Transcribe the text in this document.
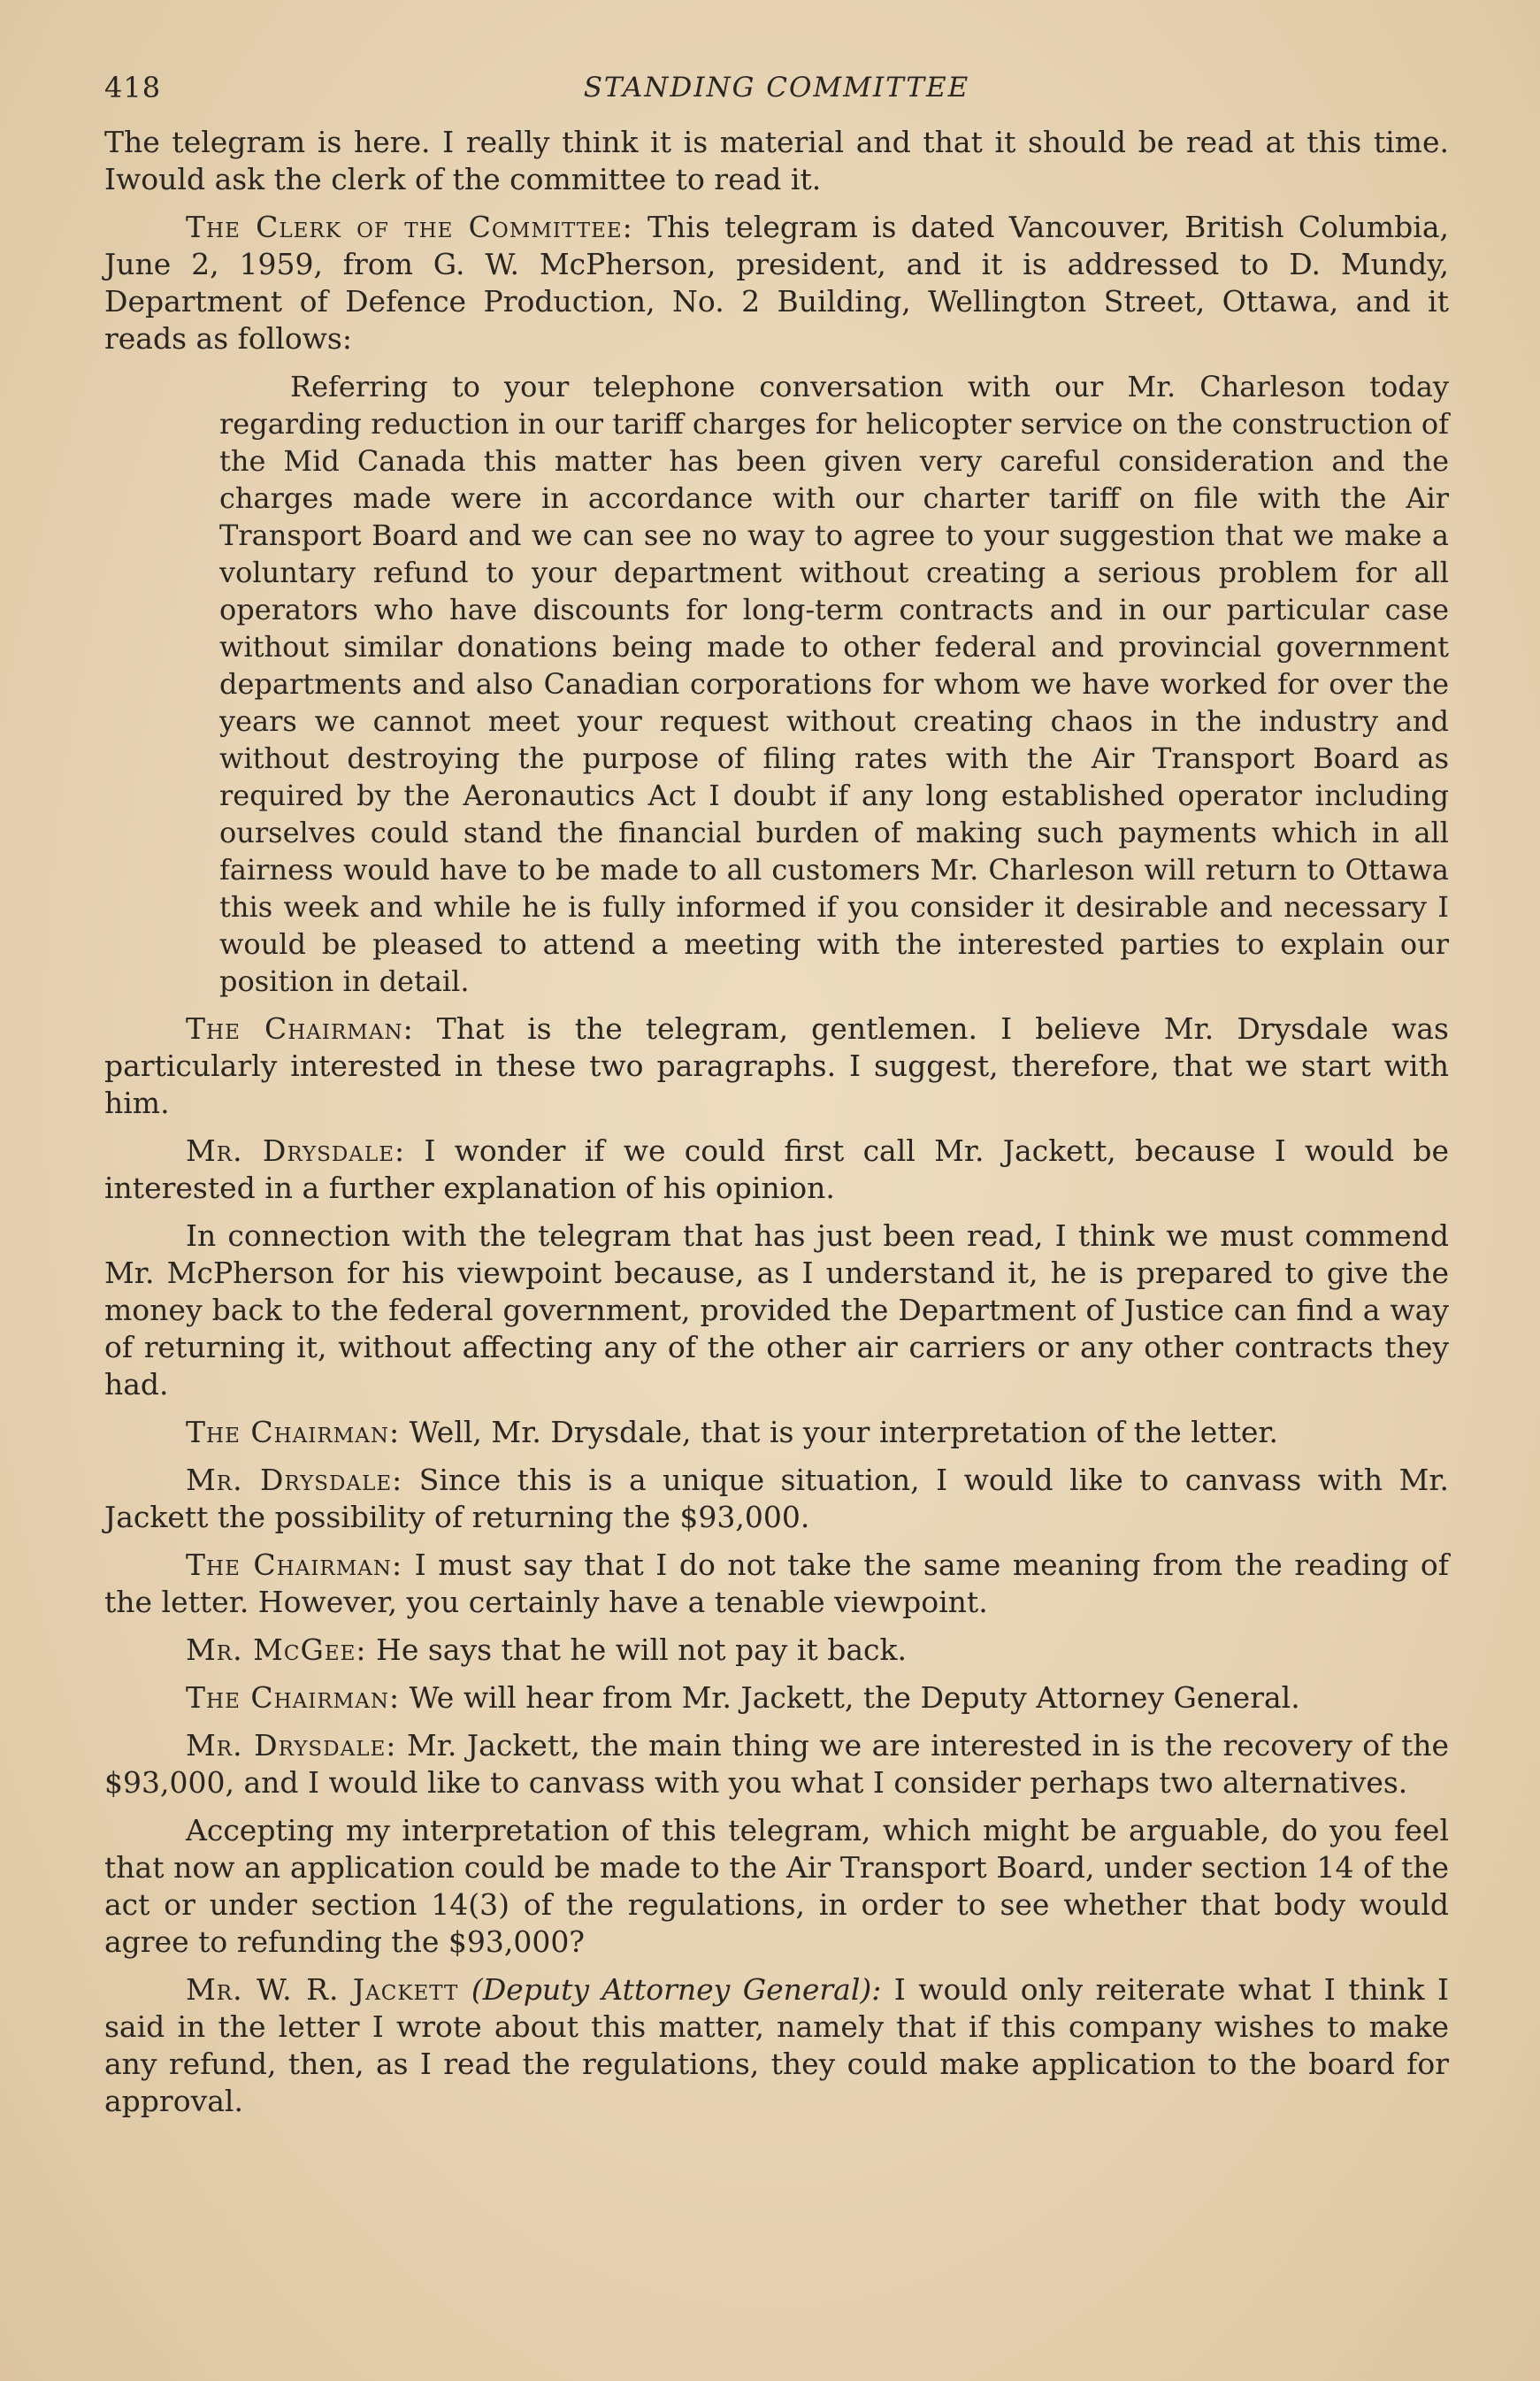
418	STANDING COMMITTEE

The telegram is here. I really think it is material and that it should be read at this time. Iwould ask the clerk of the committee to read it.

The Clerk of the Committee: This telegram is dated Vancouver, British Columbia, June 2, 1959, from G. W. McPherson, president, and it is addressed to D. Mundy, Department of Defence Production, No. 2 Building, Wellington Street, Ottawa, and it reads as follows:

Referring to your telephone conversation with our Mr. Charleson today regarding reduction in our tariff charges for helicopter service on the construction of the Mid Canada this matter has been given very careful consideration and the charges made were in accordance with our charter tariff on file with the Air Transport Board and we can see no way to agree to your suggestion that we make a voluntary refund to your department without creating a serious problem for all operators who have discounts for long-term contracts and in our particular case without similar donations being made to other federal and provincial government departments and also Canadian corporations for whom we have worked for over the years we cannot meet your request without creating chaos in the industry and without destroying the purpose of filing rates with the Air Transport Board as required by the Aeronautics Act I doubt if any long established operator including ourselves could stand the financial burden of making such payments which in all fairness would have to be made to all customers Mr. Charleson will return to Ottawa this week and while he is fully informed if you consider it desirable and necessary I would be pleased to attend a meeting with the interested parties to explain our position in detail.

The Chairman: That is the telegram, gentlemen. I believe Mr. Drysdale was particularly interested in these two paragraphs. I suggest, therefore, that we start with him.

Mr. Drysdale: I wonder if we could first call Mr. Jackett, because I would be interested in a further explanation of his opinion.

In connection with the telegram that has just been read, I think we must commend Mr. McPherson for his viewpoint because, as I understand it, he is prepared to give the money back to the federal government, provided the Department of Justice can find a way of returning it, without affecting any of the other air carriers or any other contracts they had.

The Chairman: Well, Mr. Drysdale, that is your interpretation of the letter.

Mr. Drysdale: Since this is a unique situation, I would like to canvass with Mr. Jackett the possibility of returning the $93,000.

The Chairman: I must say that I do not take the same meaning from the reading of the letter. However, you certainly have a tenable viewpoint.

Mr. McGee: He says that he will not pay it back.

The Chairman: We will hear from Mr. Jackett, the Deputy Attorney General.

Mr. Drysdale: Mr. Jackett, the main thing we are interested in is the recovery of the $93,000, and I would like to canvass with you what I consider perhaps two alternatives.

Accepting my interpretation of this telegram, which might be arguable, do you feel that now an application could be made to the Air Transport Board, under section 14 of the act or under section 14(3) of the regulations, in order to see whether that body would agree to refunding the $93,000?

Mr. W. R. Jackett (Deputy Attorney General): I would only reiterate what I think I said in the letter I wrote about this matter, namely that if this company wishes to make any refund, then, as I read the regulations, they could make application to the board for approval.
